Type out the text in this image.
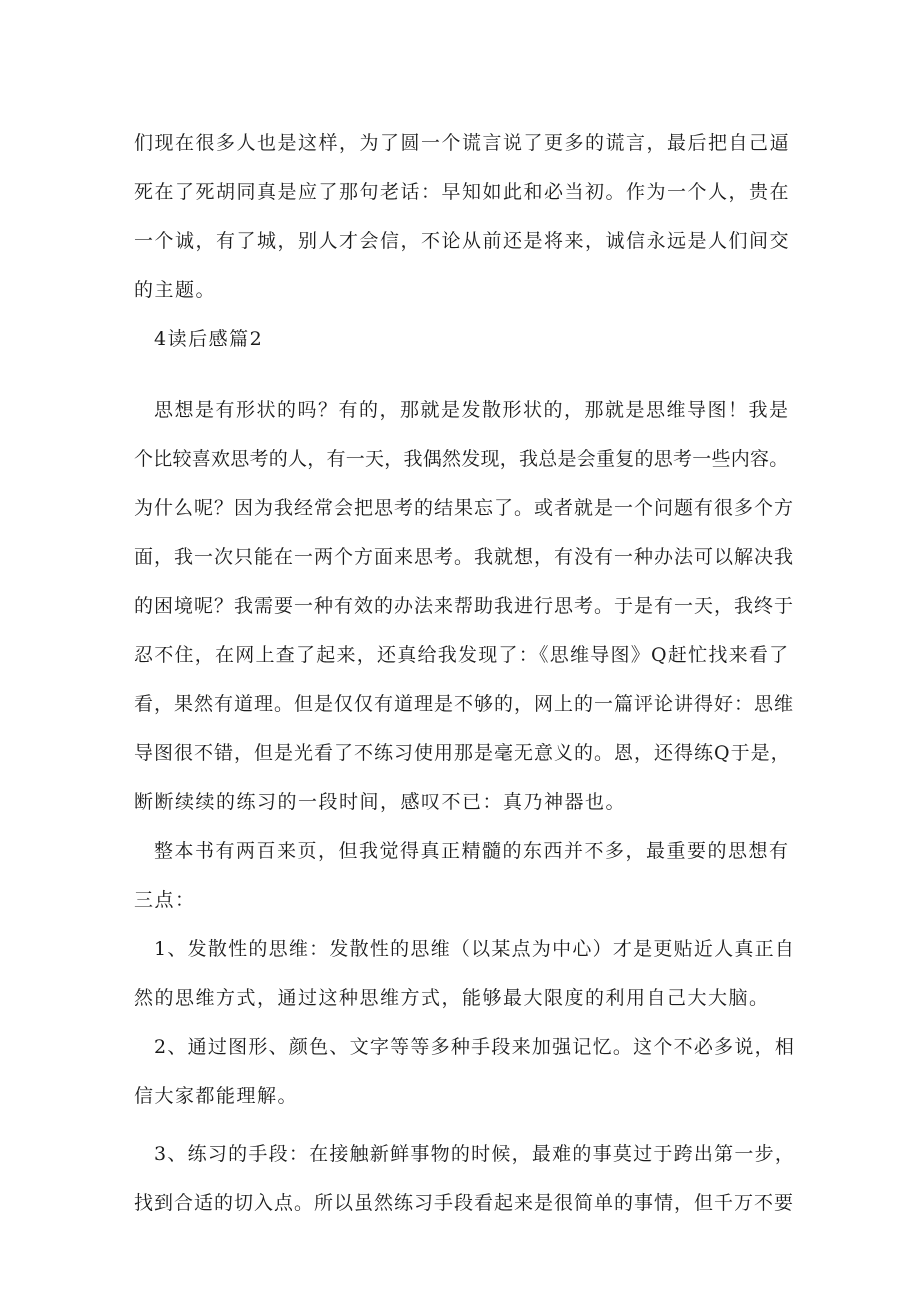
们现在很多人也是这样，为了圆一个谎言说了更多的谎言，最后把自己逼

死在了死胡同真是应了那句老话：早知如此和必当初。作为一个人，贵在

一个诚，有了城，别人才会信，不论从前还是将来，诚信永远是人们间交

的主题。

4读后感篇2

思想是有形状的吗？有的，那就是发散形状的，那就是思维导图！我是

个比较喜欢思考的人，有一天，我偶然发现，我总是会重复的思考一些内容。

为什么呢？因为我经常会把思考的结果忘了。或者就是一个问题有很多个方

面，我一次只能在一两个方面来思考。我就想，有没有一种办法可以解决我

的困境呢？我需要一种有效的办法来帮助我进行思考。于是有一天，我终于

忍不住，在网上查了起来，还真给我发现了：《思维导图》Q赶忙找来看了

看，果然有道理。但是仅仅有道理是不够的，网上的一篇评论讲得好：思维

导图很不错，但是光看了不练习使用那是毫无意义的。恩，还得练Q于是，

断断续续的练习的一段时间，感叹不已：真乃神器也。

整本书有两百来页，但我觉得真正精髓的东西并不多，最重要的思想有

三点：

1、发散性的思维：发散性的思维（以某点为中心）才是更贴近人真正自

然的思维方式，通过这种思维方式，能够最大限度的利用自己大大脑。

2、通过图形、颜色、文字等等多种手段来加强记忆。这个不必多说，相

信大家都能理解。

3、练习的手段：在接触新鲜事物的时候，最难的事莫过于跨出第一步，

找到合适的切入点。所以虽然练习手段看起来是很简单的事情，但千万不要
